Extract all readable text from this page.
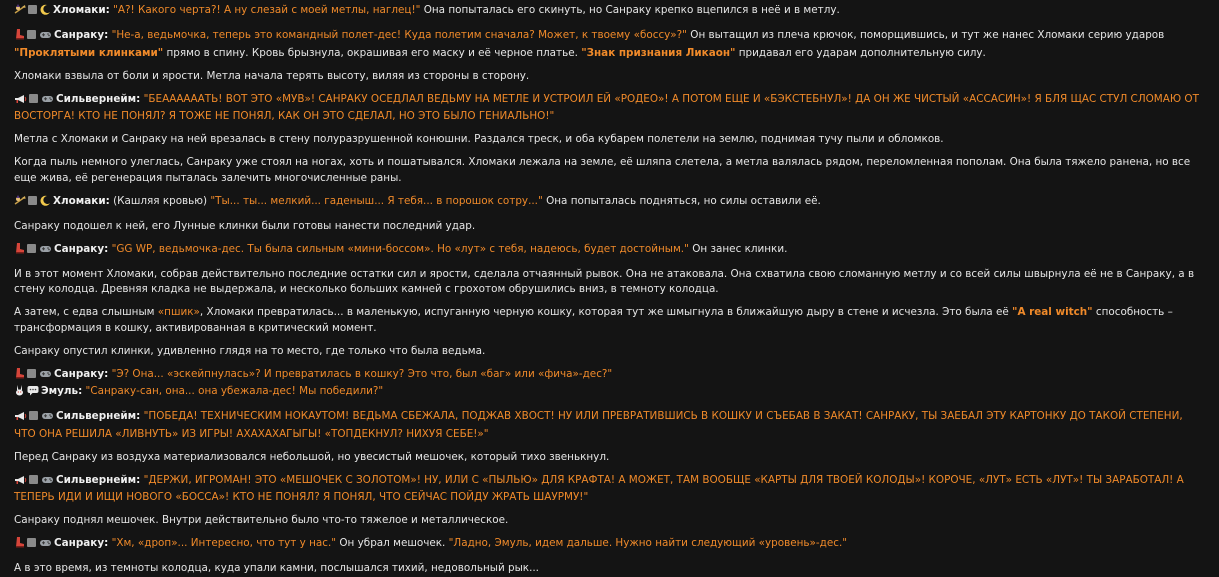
Хломаки: "А?! Какого черта?! А ну слезай с моей метлы, наглец!" Она попыталась его скинуть, но Санраку крепко вцепился в неё и в метлу.
Санраку: "Не-а, ведьмочка, теперь это командный полет-дес! Куда полетим сначала? Может, к твоему «боссу»?" Он вытащил из плеча крючок, поморщившись, и тут же нанес Хломаки серию ударов "Проклятыми клинками" прямо в спину. Кровь брызнула, окрашивая его маску и её черное платье. "Знак признания Ликаон" придавал его ударам дополнительную силу.
Хломаки взвыла от боли и ярости. Метла начала терять высоту, виляя из стороны в сторону.
Сильвернейм: "БЕААААААТЬ! ВОТ ЭТО «МУВ»! САНРАКУ ОСЕДЛАЛ ВЕДЬМУ НА МЕТЛЕ И УСТРОИЛ ЕЙ «РОДЕО»! А ПОТОМ ЕЩЕ И «БЭКСТЕБНУЛ»! ДА ОН ЖЕ ЧИСТЫЙ «АССАСИН»! Я БЛЯ ЩАС СТУЛ СЛОМАЮ ОТ ВОСТОРГА! КТО НЕ ПОНЯЛ? Я ТОЖЕ НЕ ПОНЯЛ, КАК ОН ЭТО СДЕЛАЛ, НО ЭТО БЫЛО ГЕНИАЛЬНО!"
Метла с Хломаки и Санраку на ней врезалась в стену полуразрушенной конюшни. Раздался треск, и оба кубарем полетели на землю, поднимая тучу пыли и обломков.
Когда пыль немного улеглась, Санраку уже стоял на ногах, хоть и пошатывался. Хломаки лежала на земле, её шляпа слетела, а метла валялась рядом, переломленная пополам. Она была тяжело ранена, но все еще жива, её регенерация пыталась залечить многочисленные раны.
Хломаки: (Кашляя кровью) "Ты... ты... мелкий... гаденыш... Я тебя... в порошок сотру..." Она попыталась подняться, но силы оставили её.
Санраку подошел к ней, его Лунные клинки были готовы нанести последний удар.
Санраку: "GG WP, ведьмочка-дес. Ты была сильным «мини-боссом». Но «лут» с тебя, надеюсь, будет достойным." Он занес клинки.
И в этот момент Хломаки, собрав действительно последние остатки сил и ярости, сделала отчаянный рывок. Она не атаковала. Она схватила свою сломанную метлу и со всей силы швырнула её не в Санраку, а в стену колодца. Древняя кладка не выдержала, и несколько больших камней с грохотом обрушились вниз, в темноту колодца.
А затем, с едва слышным «пшик», Хломаки превратилась... в маленькую, испуганную черную кошку, которая тут же шмыгнула в ближайшую дыру в стене и исчезла. Это была её "A real witch" способность – трансформация в кошку, активированная в критический момент.
Санраку опустил клинки, удивленно глядя на то место, где только что была ведьма.
Санраку: "Э? Она... «эскейпнулась»? И превратилась в кошку? Это что, был «баг» или «фича»-дес?"
Эмуль: "Санраку-сан, она... она убежала-дес! Мы победили?"
Сильвернейм: "ПОБЕДА! ТЕХНИЧЕСКИМ НОКАУТОМ! ВЕДЬМА СБЕЖАЛА, ПОДЖАВ ХВОСТ! НУ ИЛИ ПРЕВРАТИВШИСЬ В КОШКУ И СЪЕБАВ В ЗАКАТ! САНРАКУ, ТЫ ЗАЕБАЛ ЭТУ КАРТОНКУ ДО ТАКОЙ СТЕПЕНИ, ЧТО ОНА РЕШИЛА «ЛИВНУТЬ» ИЗ ИГРЫ! АХАХАХАГЫГЫ! «ТОПДЕКНУЛ? НИХУЯ СЕБЕ!»"
Перед Санраку из воздуха материализовался небольшой, но увесистый мешочек, который тихо звенькнул.
Сильвернейм: "ДЕРЖИ, ИГРОМАН! ЭТО «МЕШОЧЕК С ЗОЛОТОМ»! НУ, ИЛИ С «ПЫЛЬЮ» ДЛЯ КРАФТА! А МОЖЕТ, ТАМ ВООБЩЕ «КАРТЫ ДЛЯ ТВОЕЙ КОЛОДЫ»! КОРОЧЕ, «ЛУТ» ЕСТЬ «ЛУТ»! ТЫ ЗАРАБОТАЛ! А ТЕПЕРЬ ИДИ И ИЩИ НОВОГО «БОССА»! КТО НЕ ПОНЯЛ? Я ПОНЯЛ, ЧТО СЕЙЧАС ПОЙДУ ЖРАТЬ ШАУРМУ!"
Санраку поднял мешочек. Внутри действительно было что-то тяжелое и металлическое.
Санраку: "Хм, «дроп»... Интересно, что тут у нас." Он убрал мешочек. "Ладно, Эмуль, идем дальше. Нужно найти следующий «уровень»-дес."
А в это время, из темноты колодца, куда упали камни, послышался тихий, недовольный рык...
